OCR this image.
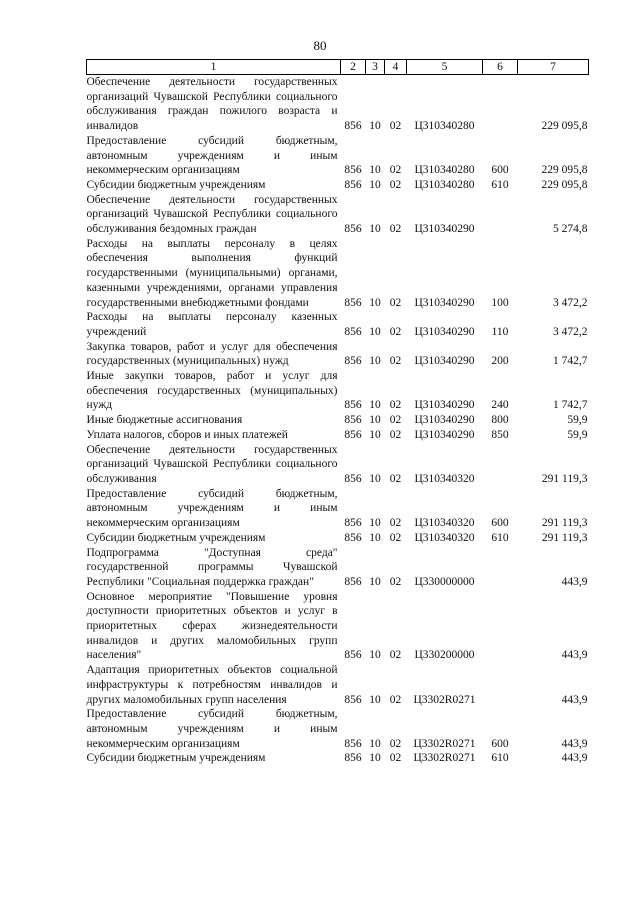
80
1	2	3	4	5	6	7
Обеспечение деятельности государственных организаций Чувашской Республики социального обслуживания граждан пожилого возраста и инвалидов	856	10	02	Ц310340280		229 095,8
Предоставление субсидий бюджетным, автономным учреждениям и иным некоммерческим организациям	856	10	02	Ц310340280	600	229 095,8
Субсидии бюджетным учреждениям	856	10	02	Ц310340280	610	229 095,8
Обеспечение деятельности государственных организаций Чувашской Республики социального обслуживания бездомных граждан	856	10	02	Ц310340290		5 274,8
Расходы на выплаты персоналу в целях обеспечения выполнения функций государственными (муниципальными) органами, казенными учреждениями, органами управления государственными внебюджетными фондами	856	10	02	Ц310340290	100	3 472,2
Расходы на выплаты персоналу казенных учреждений	856	10	02	Ц310340290	110	3 472,2
Закупка товаров, работ и услуг для обеспечения государственных (муниципальных) нужд	856	10	02	Ц310340290	200	1 742,7
Иные закупки товаров, работ и услуг для обеспечения государственных (муниципальных) нужд	856	10	02	Ц310340290	240	1 742,7
Иные бюджетные ассигнования	856	10	02	Ц310340290	800	59,9
Уплата налогов, сборов и иных платежей	856	10	02	Ц310340290	850	59,9
Обеспечение деятельности государственных организаций Чувашской Республики социального обслуживания	856	10	02	Ц310340320		291 119,3
Предоставление субсидий бюджетным, автономным учреждениям и иным некоммерческим организациям	856	10	02	Ц310340320	600	291 119,3
Субсидии бюджетным учреждениям	856	10	02	Ц310340320	610	291 119,3
Подпрограмма "Доступная среда" государственной программы Чувашской Республики "Социальная поддержка граждан"	856	10	02	Ц330000000		443,9
Основное мероприятие "Повышение уровня доступности приоритетных объектов и услуг в приоритетных сферах жизнедеятельности инвалидов и других маломобильных групп населения"	856	10	02	Ц330200000		443,9
Адаптация приоритетных объектов социальной инфраструктуры к потребностям инвалидов и других маломобильных групп населения	856	10	02	Ц3302R0271		443,9
Предоставление субсидий бюджетным, автономным учреждениям и иным некоммерческим организациям	856	10	02	Ц3302R0271	600	443,9
Субсидии бюджетным учреждениям	856	10	02	Ц3302R0271	610	443,9
